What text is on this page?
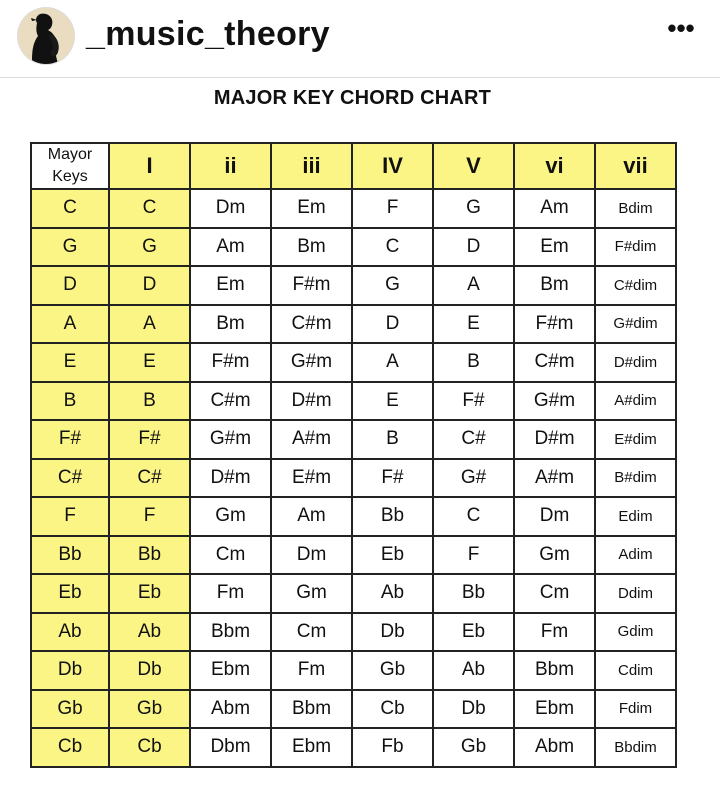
_music_theory	•••
MAJOR KEY CHORD CHART
Mayor
Keys	I	ii	iii	IV	V	vi	vii
C	C	Dm	Em	F	G	Am	Bdim
G	G	Am	Bm	C	D	Em	F#dim
D	D	Em	F#m	G	A	Bm	C#dim
A	A	Bm	C#m	D	E	F#m	G#dim
E	E	F#m	G#m	A	B	C#m	D#dim
B	B	C#m	D#m	E	F#	G#m	A#dim
F#	F#	G#m	A#m	B	C#	D#m	E#dim
C#	C#	D#m	E#m	F#	G#	A#m	B#dim
F	F	Gm	Am	Bb	C	Dm	Edim
Bb	Bb	Cm	Dm	Eb	F	Gm	Adim
Eb	Eb	Fm	Gm	Ab	Bb	Cm	Ddim
Ab	Ab	Bbm	Cm	Db	Eb	Fm	Gdim
Db	Db	Ebm	Fm	Gb	Ab	Bbm	Cdim
Gb	Gb	Abm	Bbm	Cb	Db	Ebm	Fdim
Cb	Cb	Dbm	Ebm	Fb	Gb	Abm	Bbdim
